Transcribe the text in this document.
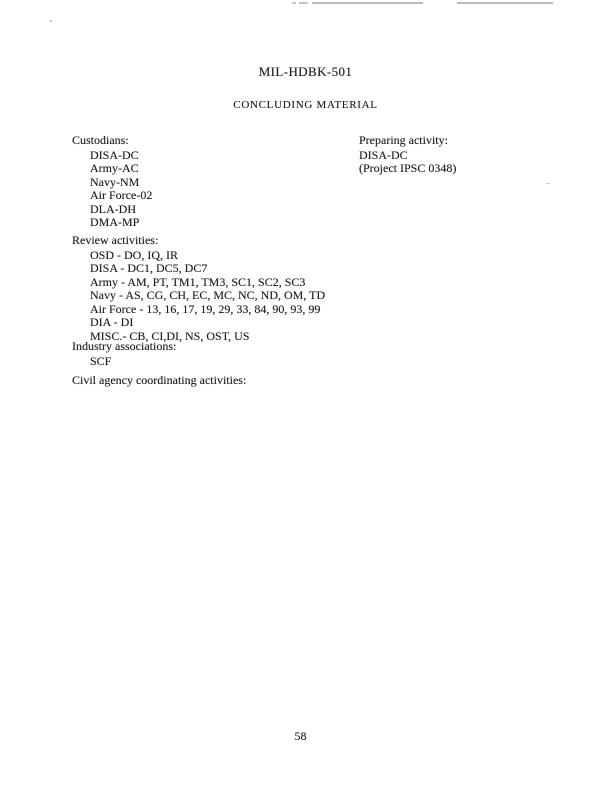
MIL-HDBK-501
CONCLUDING MATERIAL
Custodians:
DISA-DC
Army-AC
Navy-NM
Air Force-02
DLA-DH
DMA-MP
Preparing activity:
DISA-DC
(Project IPSC 0348)
Review activities:
OSD - DO, IQ, IR
DISA - DC1, DC5, DC7
Army - AM, PT, TM1, TM3, SC1, SC2, SC3
Navy - AS, CG, CH, EC, MC, NC, ND, OM, TD
Air Force - 13, 16, 17, 19, 29, 33, 84, 90, 93, 99
DIA - DI
MISC.- CB, CI,DI, NS, OST, US
Industry associations:
SCF
Civil agency coordinating activities:
58
